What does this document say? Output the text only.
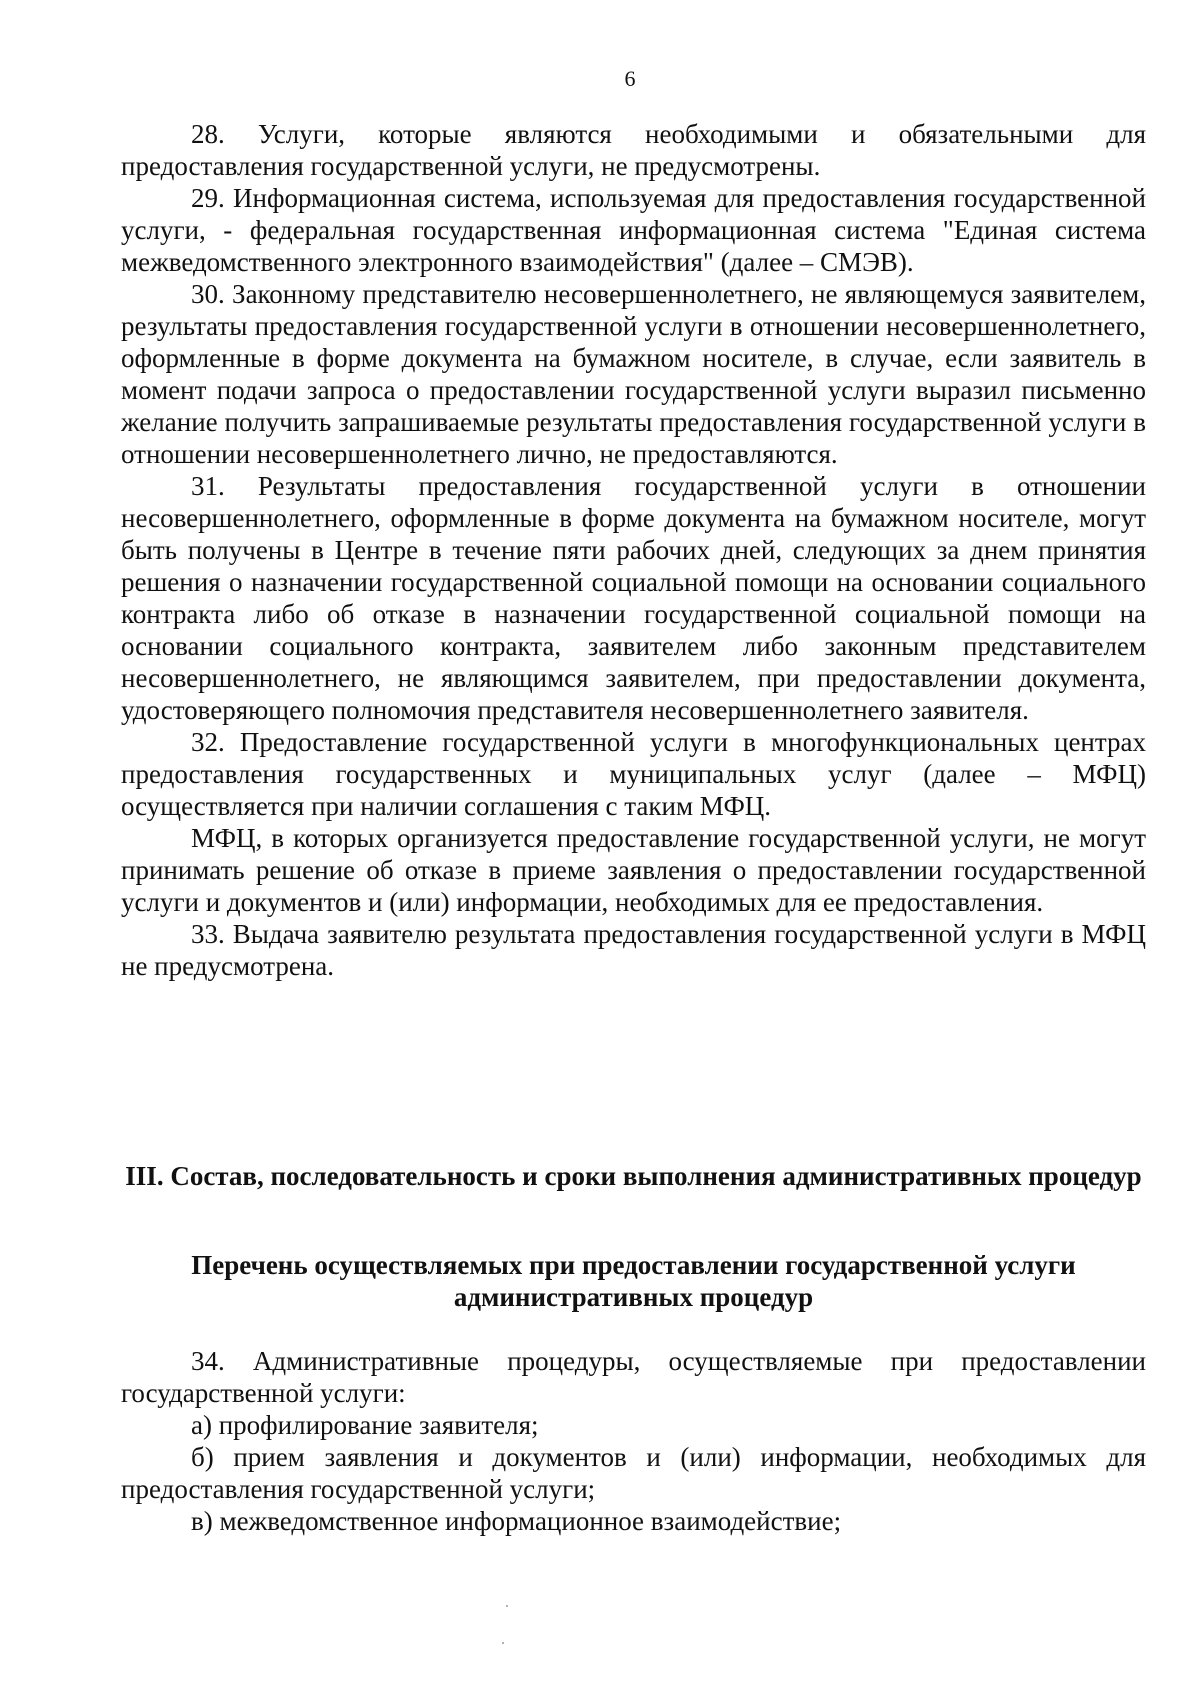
6

28. Услуги, которые являются необходимыми и обязательными для предоставления государственной услуги, не предусмотрены.

29. Информационная система, используемая для предоставления государственной услуги, - федеральная государственная информационная система "Единая система межведомственного электронного взаимодействия" (далее – СМЭВ).

30. Законному представителю несовершеннолетнего, не являющемуся заявителем, результаты предоставления государственной услуги в отношении несовершеннолетнего, оформленные в форме документа на бумажном носителе, в случае, если заявитель в момент подачи запроса о предоставлении государственной услуги выразил письменно желание получить запрашиваемые результаты предоставления государственной услуги в отношении несовершеннолетнего лично, не предоставляются.

31. Результаты предоставления государственной услуги в отношении несовершеннолетнего, оформленные в форме документа на бумажном носителе, могут быть получены в Центре в течение пяти рабочих дней, следующих за днем принятия решения о назначении государственной социальной помощи на основании социального контракта либо об отказе в назначении государственной социальной помощи на основании социального контракта, заявителем либо законным представителем несовершеннолетнего, не являющимся заявителем, при предоставлении документа, удостоверяющего полномочия представителя несовершеннолетнего заявителя.

32. Предоставление государственной услуги в многофункциональных центрах предоставления государственных и муниципальных услуг (далее – МФЦ) осуществляется при наличии соглашения с таким МФЦ.

МФЦ, в которых организуется предоставление государственной услуги, не могут принимать решение об отказе в приеме заявления о предоставлении государственной услуги и документов и (или) информации, необходимых для ее предоставления.

33. Выдача заявителю результата предоставления государственной услуги в МФЦ не предусмотрена.

III. Состав, последовательность и сроки выполнения административных процедур

Перечень осуществляемых при предоставлении государственной услуги административных процедур

34. Административные процедуры, осуществляемые при предоставлении государственной услуги:

а) профилирование заявителя;

б) прием заявления и документов и (или) информации, необходимых для предоставления государственной услуги;

в) межведомственное информационное взаимодействие;
